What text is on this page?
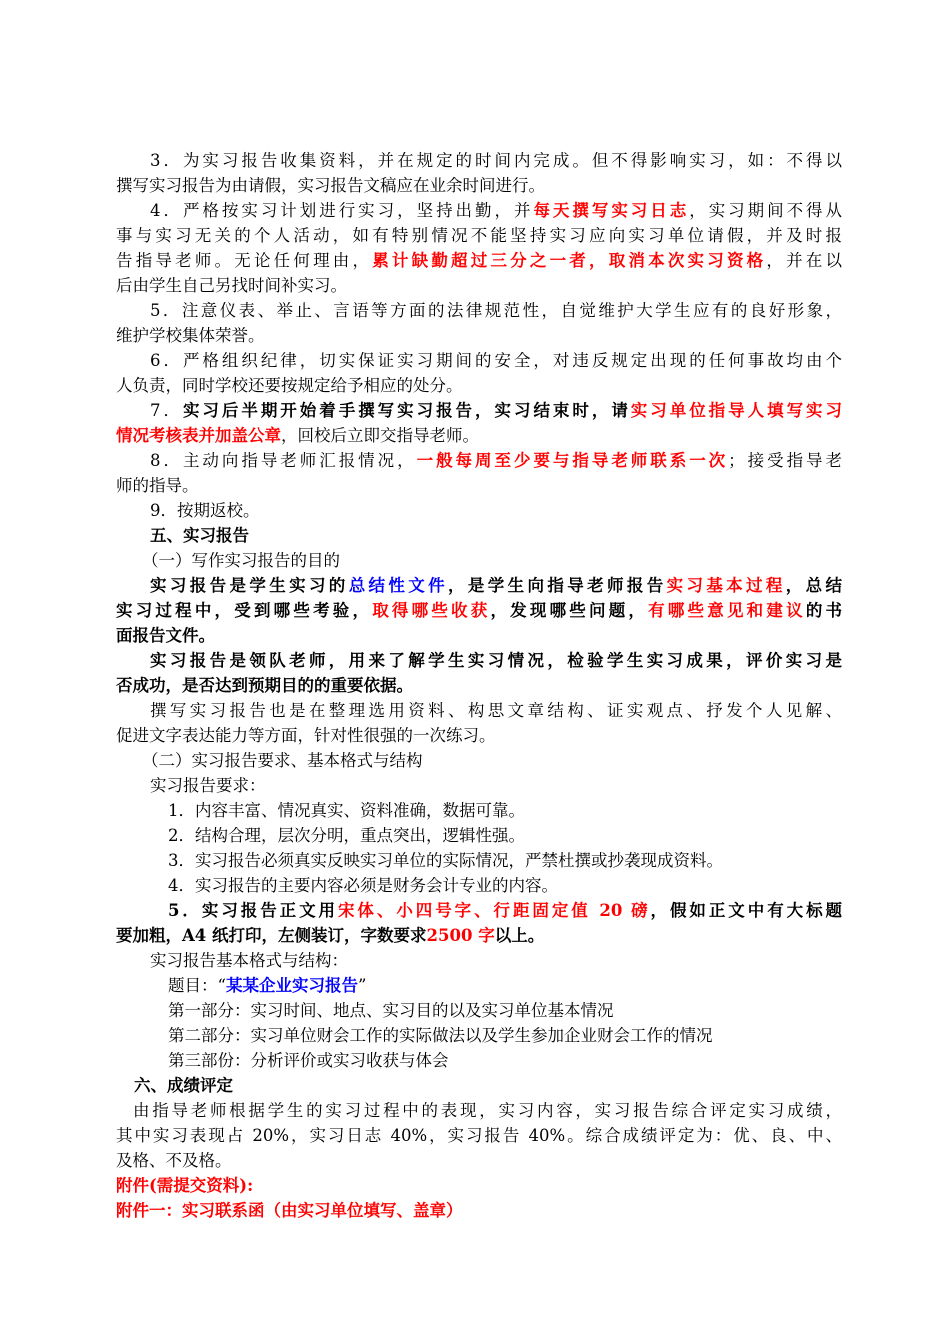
3．为实习报告收集资料，并在规定的时间内完成。但不得影响实习，如：不得以
撰写实习报告为由请假，实习报告文稿应在业余时间进行。
4．严格按实习计划进行实习，坚持出勤，并每天撰写实习日志，实习期间不得从
事与实习无关的个人活动，如有特别情况不能坚持实习应向实习单位请假，并及时报
告指导老师。无论任何理由，累计缺勤超过三分之一者，取消本次实习资格，并在以
后由学生自己另找时间补实习。
5．注意仪表、举止、言语等方面的法律规范性，自觉维护大学生应有的良好形象，
维护学校集体荣誉。
6．严格组织纪律，切实保证实习期间的安全，对违反规定出现的任何事故均由个
人负责，同时学校还要按规定给予相应的处分。
7．实习后半期开始着手撰写实习报告，实习结束时，请实习单位指导人填写实习
情况考核表并加盖公章，回校后立即交指导老师。
8．主动向指导老师汇报情况，一般每周至少要与指导老师联系一次；接受指导老
师的指导。
9．按期返校。
五、实习报告
（一）写作实习报告的目的
实习报告是学生实习的总结性文件，是学生向指导老师报告实习基本过程，总结
实习过程中，受到哪些考验，取得哪些收获，发现哪些问题，有哪些意见和建议的书
面报告文件。
实习报告是领队老师，用来了解学生实习情况，检验学生实习成果，评价实习是
否成功，是否达到预期目的的重要依据。
撰写实习报告也是在整理选用资料、构思文章结构、证实观点、抒发个人见解、
促进文字表达能力等方面，针对性很强的一次练习。
（二）实习报告要求、基本格式与结构
实习报告要求：
1．内容丰富、情况真实、资料准确，数据可靠。
2．结构合理，层次分明，重点突出，逻辑性强。
3．实习报告必须真实反映实习单位的实际情况，严禁杜撰或抄袭现成资料。
4．实习报告的主要内容必须是财务会计专业的内容。
5．实习报告正文用宋体、小四号字、行距固定值 20 磅，假如正文中有大标题
要加粗，A4 纸打印，左侧装订，字数要求2500 字以上。
实习报告基本格式与结构：
题目：“某某企业实习报告”
第一部分：实习时间、地点、实习目的以及实习单位基本情况
第二部分：实习单位财会工作的实际做法以及学生参加企业财会工作的情况
第三部份：分析评价或实习收获与体会
六、成绩评定
由指导老师根据学生的实习过程中的表现，实习内容，实习报告综合评定实习成绩，
其中实习表现占 20%，实习日志 40%，实习报告 40%。综合成绩评定为：优、良、中、
及格、不及格。
附件(需提交资料):
附件一：实习联系函（由实习单位填写、盖章）
